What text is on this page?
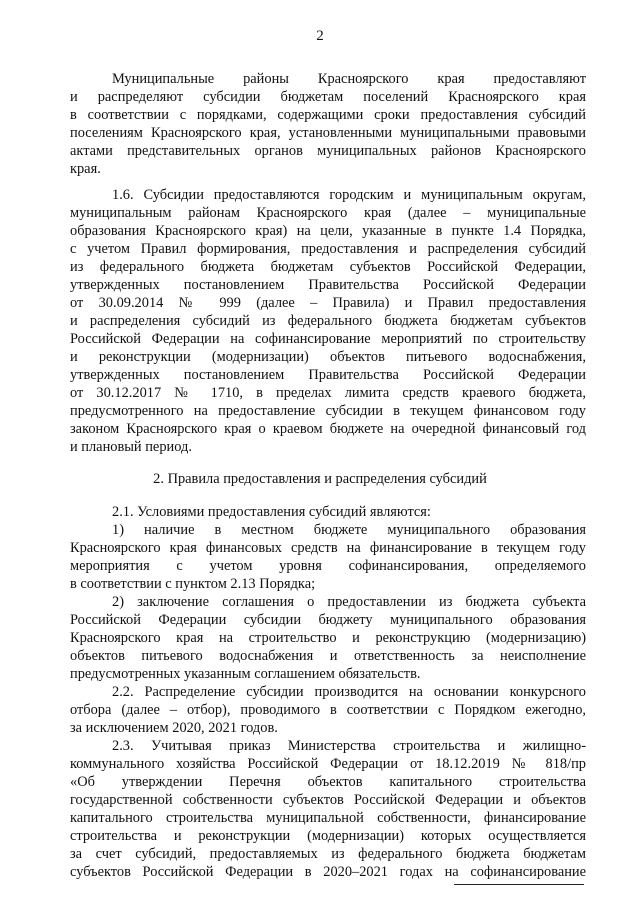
2
Муниципальные районы Красноярского края предоставляют
и распределяют субсидии бюджетам поселений Красноярского края
в соответствии с порядками, содержащими сроки предоставления субсидий
поселениям Красноярского края, установленными муниципальными правовыми
актами представительных органов муниципальных районов Красноярского
края.
1.6. Субсидии предоставляются городским и муниципальным округам,
муниципальным районам Красноярского края (далее – муниципальные
образования Красноярского края) на цели, указанные в пункте 1.4 Порядка,
с учетом Правил формирования, предоставления и распределения субсидий
из федерального бюджета бюджетам субъектов Российской Федерации,
утвержденных постановлением Правительства Российской Федерации
от 30.09.2014 № 999 (далее – Правила) и Правил предоставления
и распределения субсидий из федерального бюджета бюджетам субъектов
Российской Федерации на софинансирование мероприятий по строительству
и реконструкции (модернизации) объектов питьевого водоснабжения,
утвержденных постановлением Правительства Российской Федерации
от 30.12.2017 № 1710, в пределах лимита средств краевого бюджета,
предусмотренного на предоставление субсидии в текущем финансовом году
законом Красноярского края о краевом бюджете на очередной финансовый год
и плановый период.
2. Правила предоставления и распределения субсидий
2.1. Условиями предоставления субсидий являются:
1) наличие в местном бюджете муниципального образования
Красноярского края финансовых средств на финансирование в текущем году
мероприятия с учетом уровня софинансирования, определяемого
в соответствии с пунктом 2.13 Порядка;
2) заключение соглашения о предоставлении из бюджета субъекта
Российской Федерации субсидии бюджету муниципального образования
Красноярского края на строительство и реконструкцию (модернизацию)
объектов питьевого водоснабжения и ответственность за неисполнение
предусмотренных указанным соглашением обязательств.
2.2. Распределение субсидии производится на основании конкурсного
отбора (далее – отбор), проводимого в соответствии с Порядком ежегодно,
за исключением 2020, 2021 годов.
2.3. Учитывая приказ Министерства строительства и жилищно-
коммунального хозяйства Российской Федерации от 18.12.2019 № 818/пр
«Об утверждении Перечня объектов капитального строительства
государственной собственности субъектов Российской Федерации и объектов
капитального строительства муниципальной собственности, финансирование
строительства и реконструкции (модернизации) которых осуществляется
за счет субсидий, предоставляемых из федерального бюджета бюджетам
субъектов Российской Федерации в 2020–2021 годах на софинансирование
